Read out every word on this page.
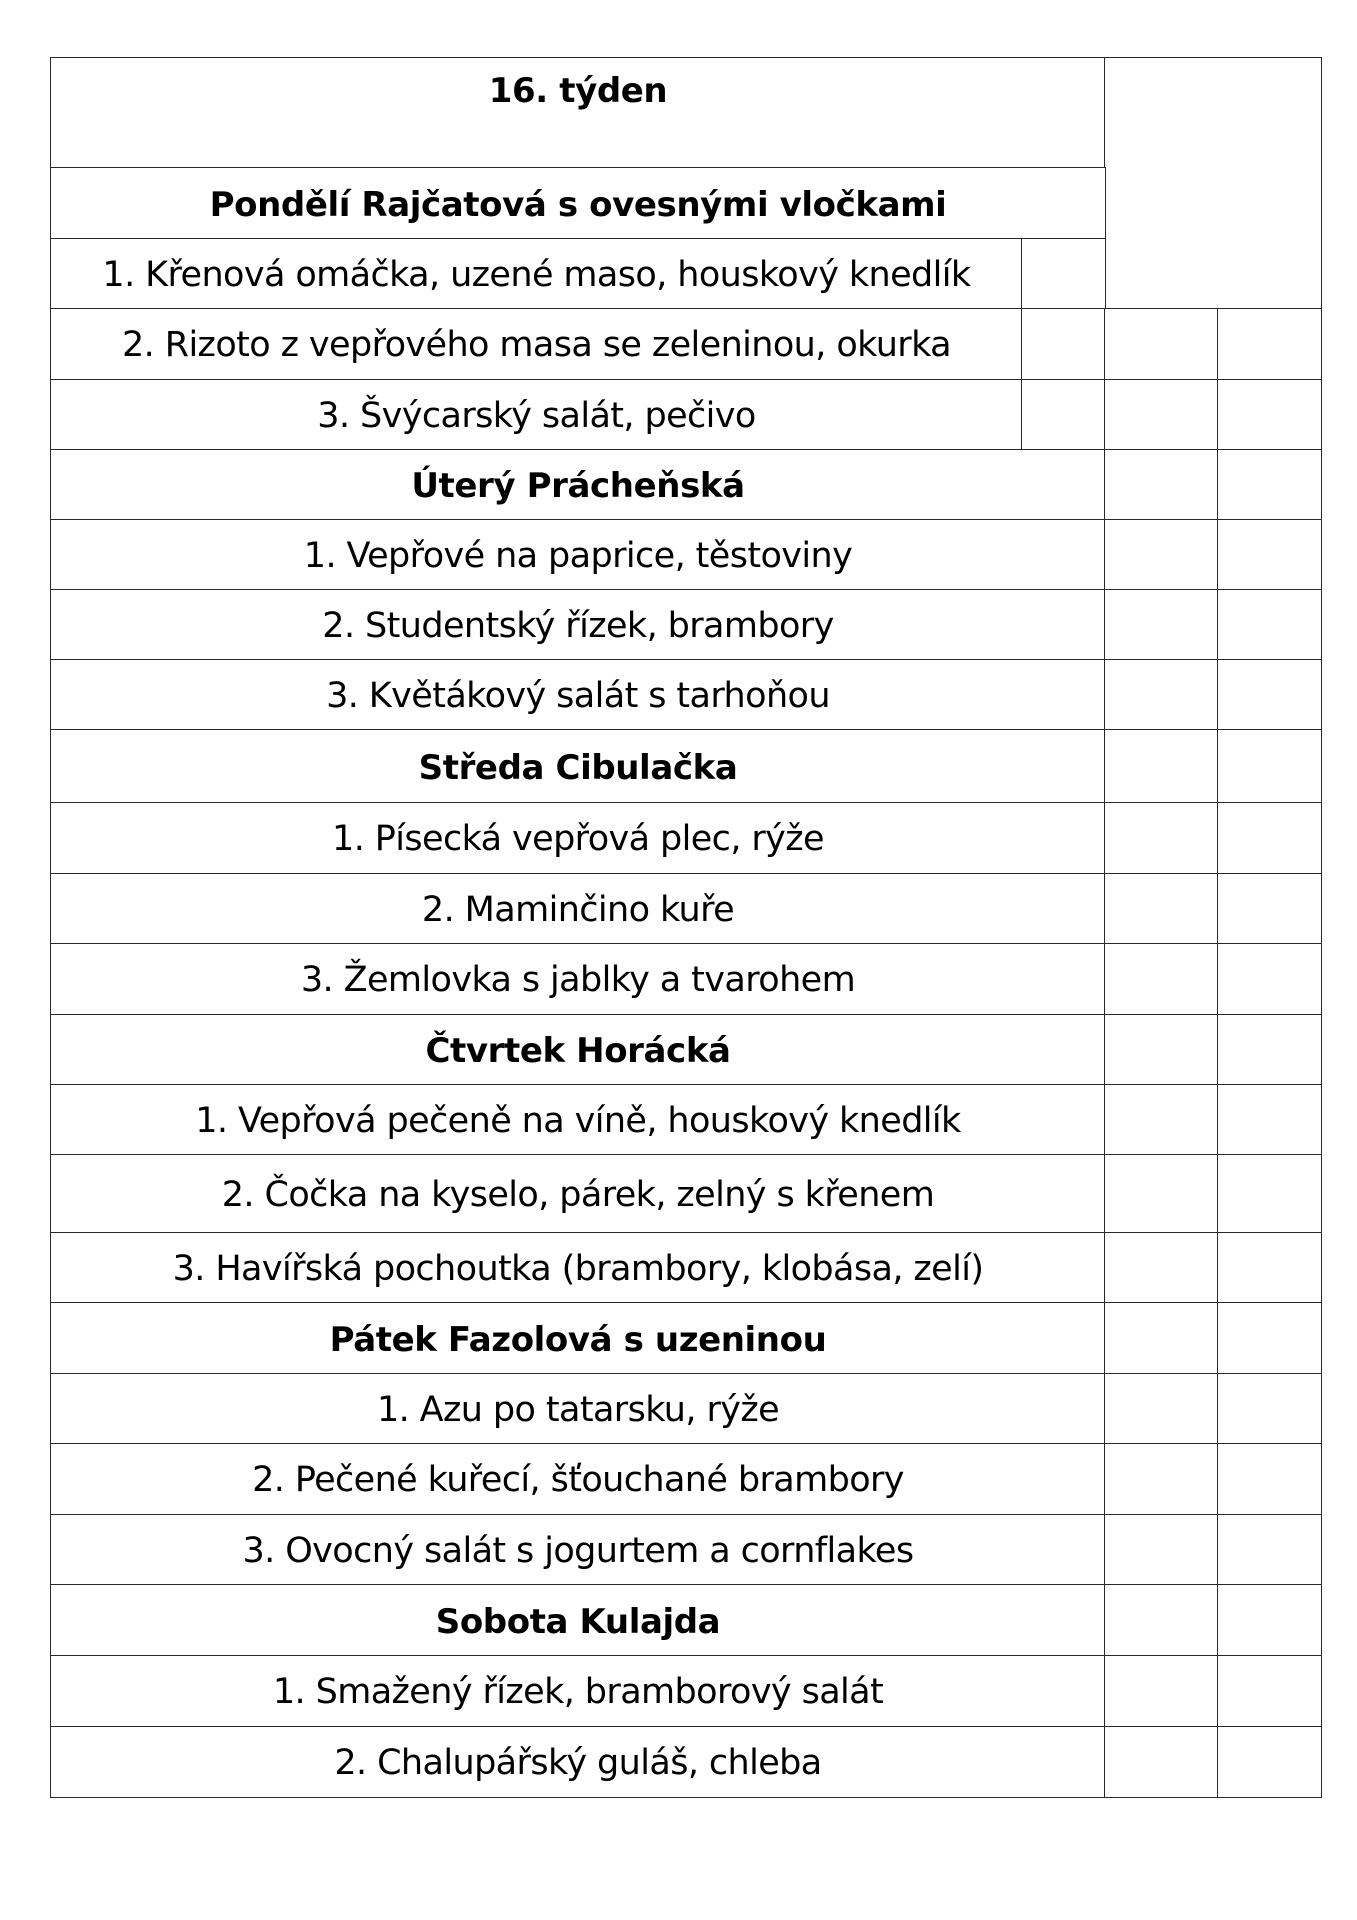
16. týden
Pondělí Rajčatová s ovesnými vločkami
1. Křenová omáčka, uzené maso, houskový knedlík
2. Rizoto z vepřového masa se zeleninou, okurka
3. Švýcarský salát, pečivo
Úterý Prácheňská
1. Vepřové na paprice, těstoviny
2. Studentský řízek, brambory
3. Květákový salát s tarhoňou
Středa Cibulačka
1. Písecká vepřová plec, rýže
2. Maminčino kuře
3. Žemlovka s jablky a tvarohem
Čtvrtek Horácká
1. Vepřová pečeně na víně, houskový knedlík
2. Čočka na kyselo, párek, zelný s křenem
3. Havířská pochoutka (brambory, klobása, zelí)
Pátek Fazolová s uzeninou
1. Azu po tatarsku, rýže
2. Pečené kuřecí, šťouchané brambory
3. Ovocný salát s jogurtem a cornflakes
Sobota Kulajda
1. Smažený řízek, bramborový salát
2. Chalupářský guláš, chleba
